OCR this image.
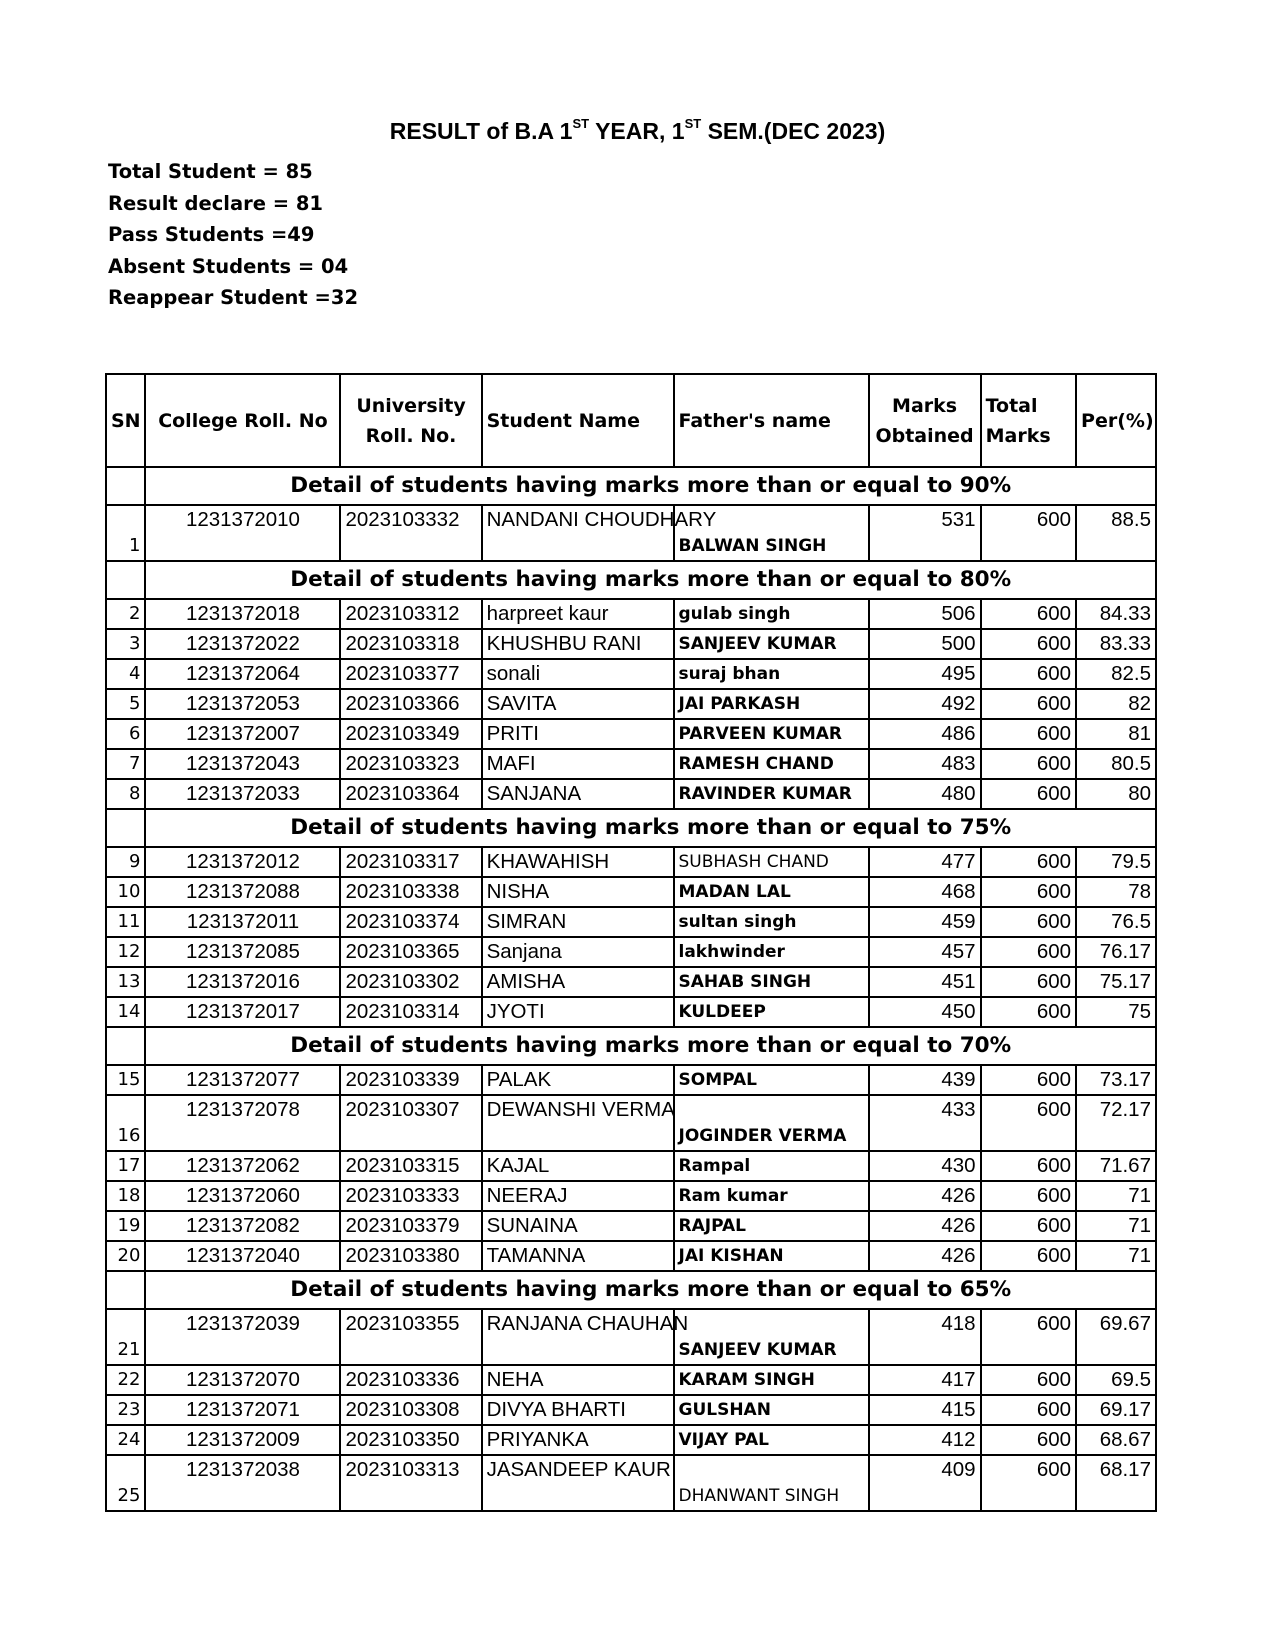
RESULT of B.A 1ST YEAR, 1ST SEM.(DEC 2023)
Total Student = 85
Result declare = 81
Pass Students =49
Absent Students = 04
Reappear Student =32
SN	College Roll. No	University Roll. No.	Student Name	Father's name	Marks Obtained	Total Marks	Per(%)
	Detail of students having marks more than or equal to 90%						
1	1231372010	2023103332	NANDANI CHOUDHARY	BALWAN SINGH	531	600	88.5
	Detail of students having marks more than or equal to 80%						
2	1231372018	2023103312	harpreet kaur	gulab singh	506	600	84.33
3	1231372022	2023103318	KHUSHBU RANI	SANJEEV KUMAR	500	600	83.33
4	1231372064	2023103377	sonali	suraj bhan	495	600	82.5
5	1231372053	2023103366	SAVITA	JAI PARKASH	492	600	82
6	1231372007	2023103349	PRITI	PARVEEN KUMAR	486	600	81
7	1231372043	2023103323	MAFI	RAMESH CHAND	483	600	80.5
8	1231372033	2023103364	SANJANA	RAVINDER KUMAR	480	600	80
	Detail of students having marks more than or equal to 75%						
9	1231372012	2023103317	KHAWAHISH	SUBHASH CHAND	477	600	79.5
10	1231372088	2023103338	NISHA	MADAN LAL	468	600	78
11	1231372011	2023103374	SIMRAN	sultan singh	459	600	76.5
12	1231372085	2023103365	Sanjana	lakhwinder	457	600	76.17
13	1231372016	2023103302	AMISHA	SAHAB SINGH	451	600	75.17
14	1231372017	2023103314	JYOTI	KULDEEP	450	600	75
	Detail of students having marks more than or equal to 70%						
15	1231372077	2023103339	PALAK	SOMPAL	439	600	73.17
16	1231372078	2023103307	DEWANSHI VERMA	JOGINDER VERMA	433	600	72.17
17	1231372062	2023103315	KAJAL	Rampal	430	600	71.67
18	1231372060	2023103333	NEERAJ	Ram kumar	426	600	71
19	1231372082	2023103379	SUNAINA	RAJPAL	426	600	71
20	1231372040	2023103380	TAMANNA	JAI KISHAN	426	600	71
	Detail of students having marks more than or equal to 65%						
21	1231372039	2023103355	RANJANA CHAUHAN	SANJEEV KUMAR	418	600	69.67
22	1231372070	2023103336	NEHA	KARAM SINGH	417	600	69.5
23	1231372071	2023103308	DIVYA BHARTI	GULSHAN	415	600	69.17
24	1231372009	2023103350	PRIYANKA	VIJAY PAL	412	600	68.67
25	1231372038	2023103313	JASANDEEP KAUR	DHANWANT SINGH	409	600	68.17
